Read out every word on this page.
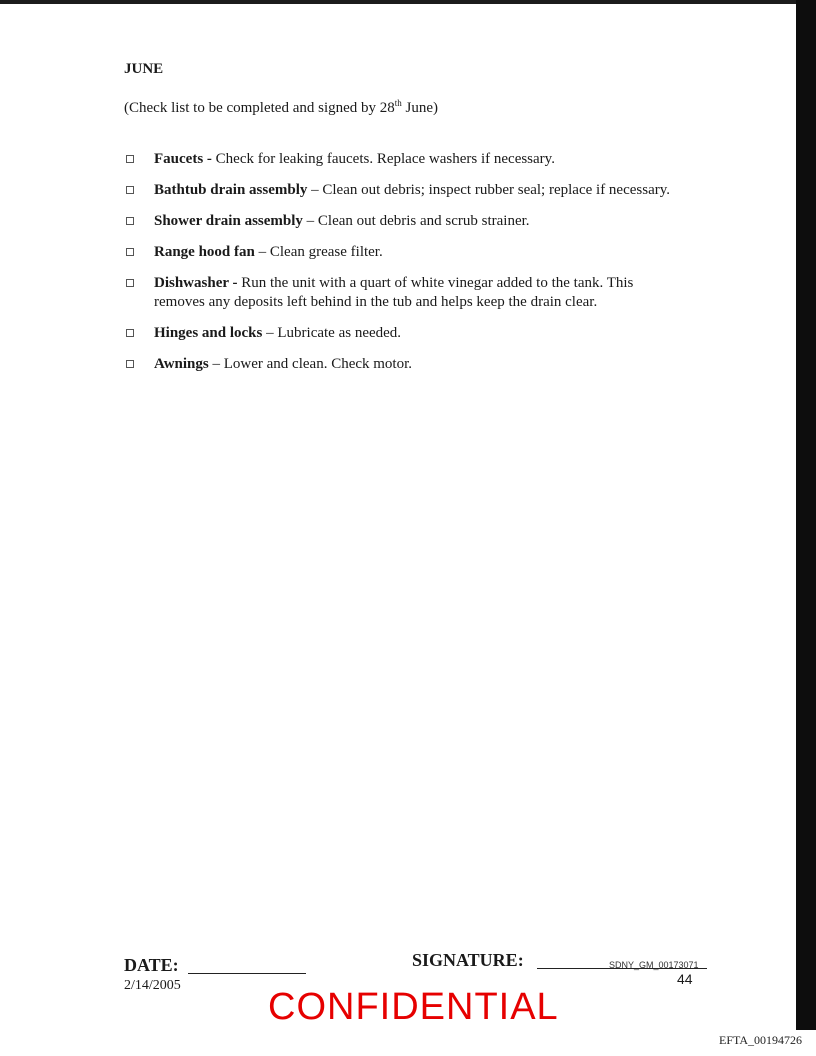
JUNE
(Check list to be completed and signed by 28th June)
Faucets - Check for leaking faucets. Replace washers if necessary.
Bathtub drain assembly – Clean out debris; inspect rubber seal; replace if necessary.
Shower drain assembly – Clean out debris and scrub strainer.
Range hood fan – Clean grease filter.
Dishwasher - Run the unit with a quart of white vinegar added to the tank. This removes any deposits left behind in the tub and helps keep the drain clear.
Hinges and locks – Lubricate as needed.
Awnings – Lower and clean. Check motor.
DATE:
2/14/2005
SIGNATURE:	SDNY_GM_00173071
44
CONFIDENTIAL
EFTA_00194726
